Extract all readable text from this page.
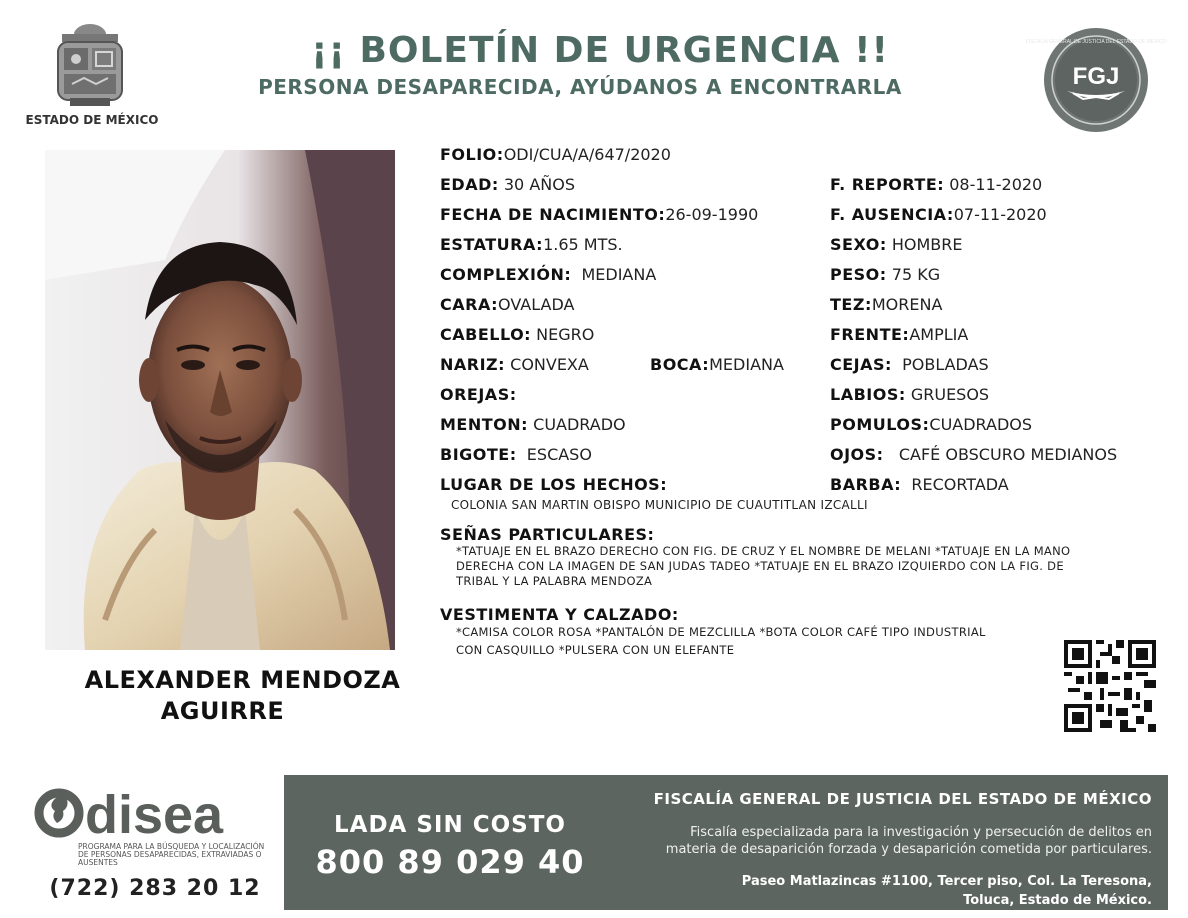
ESTADO DE MÉXICO
¡¡ BOLETÍN DE URGENCIA !!
PERSONA DESAPARECIDA, AYÚDANOS A ENCONTRARLA	FGJ
FISCALÍA GENERAL DE JUSTICIA DEL ESTADO DE MÉXICO
ALEXANDER MENDOZA
AGUIRRE
FOLIO:ODI/CUA/A/647/2020
EDAD: 30 AÑOS	F. REPORTE: 08-11-2020
FECHA DE NACIMIENTO:26-09-1990	F. AUSENCIA:07-11-2020
ESTATURA:1.65 MTS.	SEXO: HOMBRE
COMPLEXIÓN: MEDIANA	PESO: 75 KG
CARA:OVALADA	TEZ:MORENA
CABELLO: NEGRO	FRENTE:AMPLIA
NARIZ: CONVEXA	BOCA:MEDIANA	CEJAS: POBLADAS
OREJAS:	LABIOS: GRUESOS
MENTON: CUADRADO	POMULOS:CUADRADOS
BIGOTE: ESCASO	OJOS: CAFÉ OBSCURO MEDIANOS
LUGAR DE LOS HECHOS:	BARBA: RECORTADA
COLONIA SAN MARTIN OBISPO MUNICIPIO DE CUAUTITLAN IZCALLI
SEÑAS PARTICULARES:
*TATUAJE EN EL BRAZO DERECHO CON FIG. DE CRUZ Y EL NOMBRE DE MELANI *TATUAJE EN LA MANO
DERECHA CON LA IMAGEN DE SAN JUDAS TADEO *TATUAJE EN EL BRAZO IZQUIERDO CON LA FIG. DE
TRIBAL Y LA PALABRA MENDOZA
VESTIMENTA Y CALZADO:
*CAMISA COLOR ROSA *PANTALÓN DE MEZCLILLA *BOTA COLOR CAFÉ TIPO INDUSTRIAL
CON CASQUILLO *PULSERA CON UN ELEFANTE
disea
PROGRAMA PARA LA BÚSQUEDA Y LOCALIZACIÓN DE PERSONAS DESAPARECIDAS, EXTRAVIADAS O AUSENTES
(722) 283 20 12
LADA SIN COSTO
800 89 029 40
FISCALÍA GENERAL DE JUSTICIA DEL ESTADO DE MÉXICO
Fiscalía especializada para la investigación y persecución de delitos en
materia de desaparición forzada y desaparición cometida por particulares.
Paseo Matlazincas #1100, Tercer piso, Col. La Teresona,
Toluca, Estado de México.
